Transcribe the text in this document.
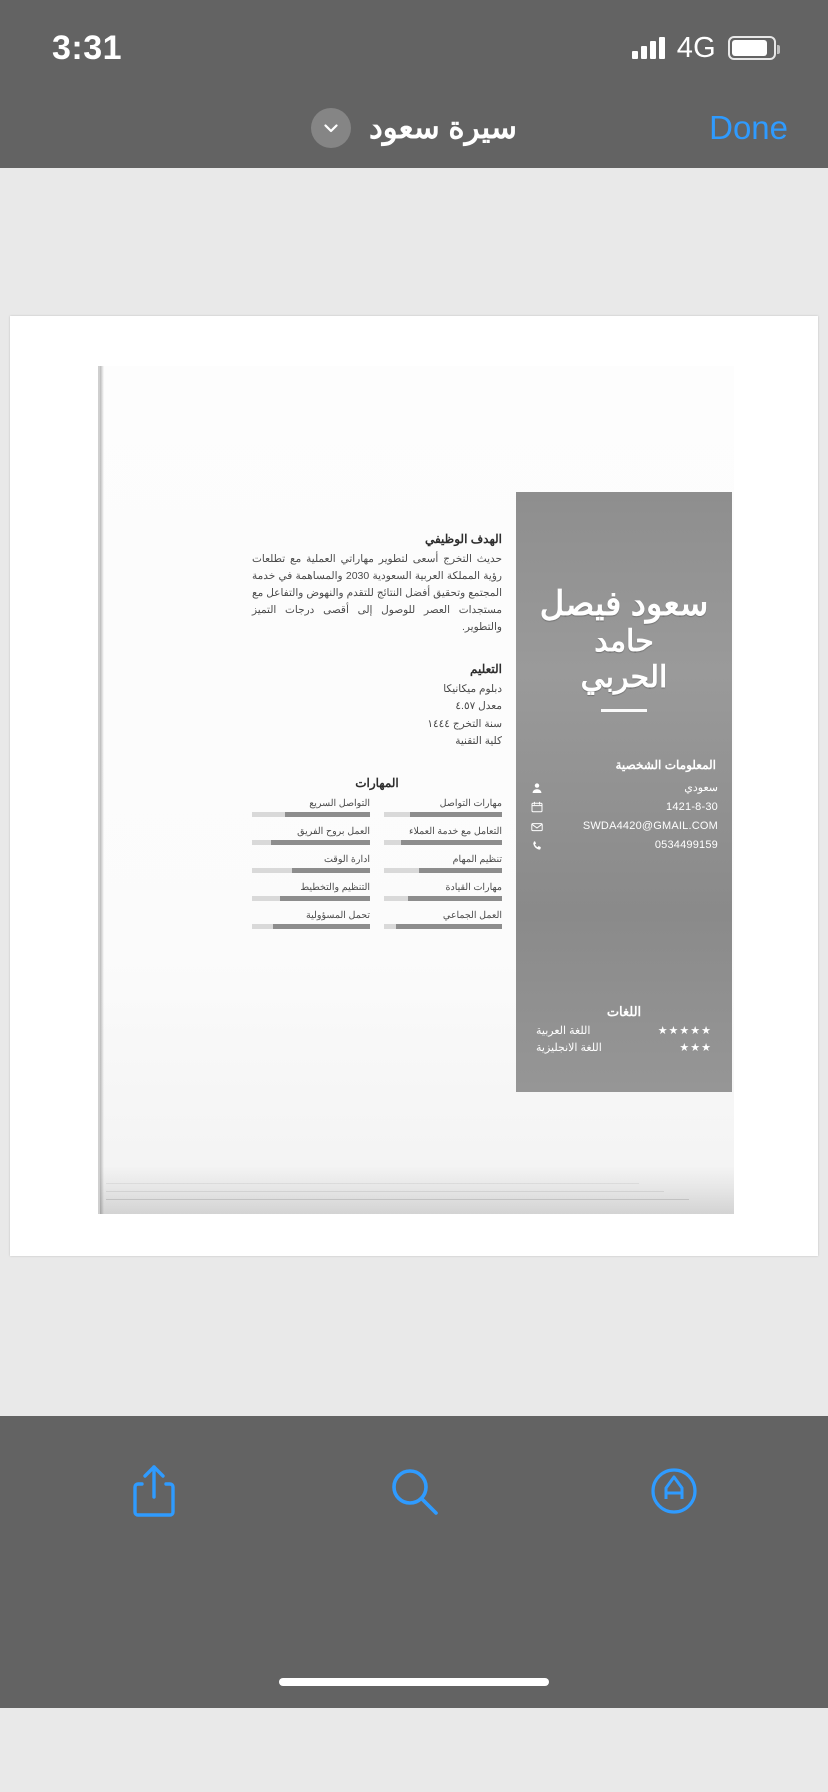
3:31	4G
سيرة سعود	Done
سعود فيصل
حامد
الحربي
المعلومات الشخصية
سعودي
1421-8-30
SWDA4420@GMAIL.COM
0534499159
اللغات
★★★★★
اللغة العربية
★★★
اللغة الانجليزية
الهدف الوظيفي
حديث التخرج أسعى لتطوير مهاراتي العملية مع تطلعات رؤية المملكة العربية السعودية 2030 والمساهمة في خدمة المجتمع وتحقيق أفضل النتائج للتقدم والنهوض والتفاعل مع مستجدات العصر للوصول إلى أقصى درجات التميز والتطوير.
التعليم
دبلوم ميكانيكا
معدل ٤.٥٧
سنة التخرج ١٤٤٤
كلية التقنية
المهارات
مهارات التواصل
التعامل مع خدمة العملاء
تنظيم المهام
مهارات القيادة
العمل الجماعي
التواصل السريع
العمل بروح الفريق
ادارة الوقت
التنظيم والتخطيط
تحمل المسؤولية
